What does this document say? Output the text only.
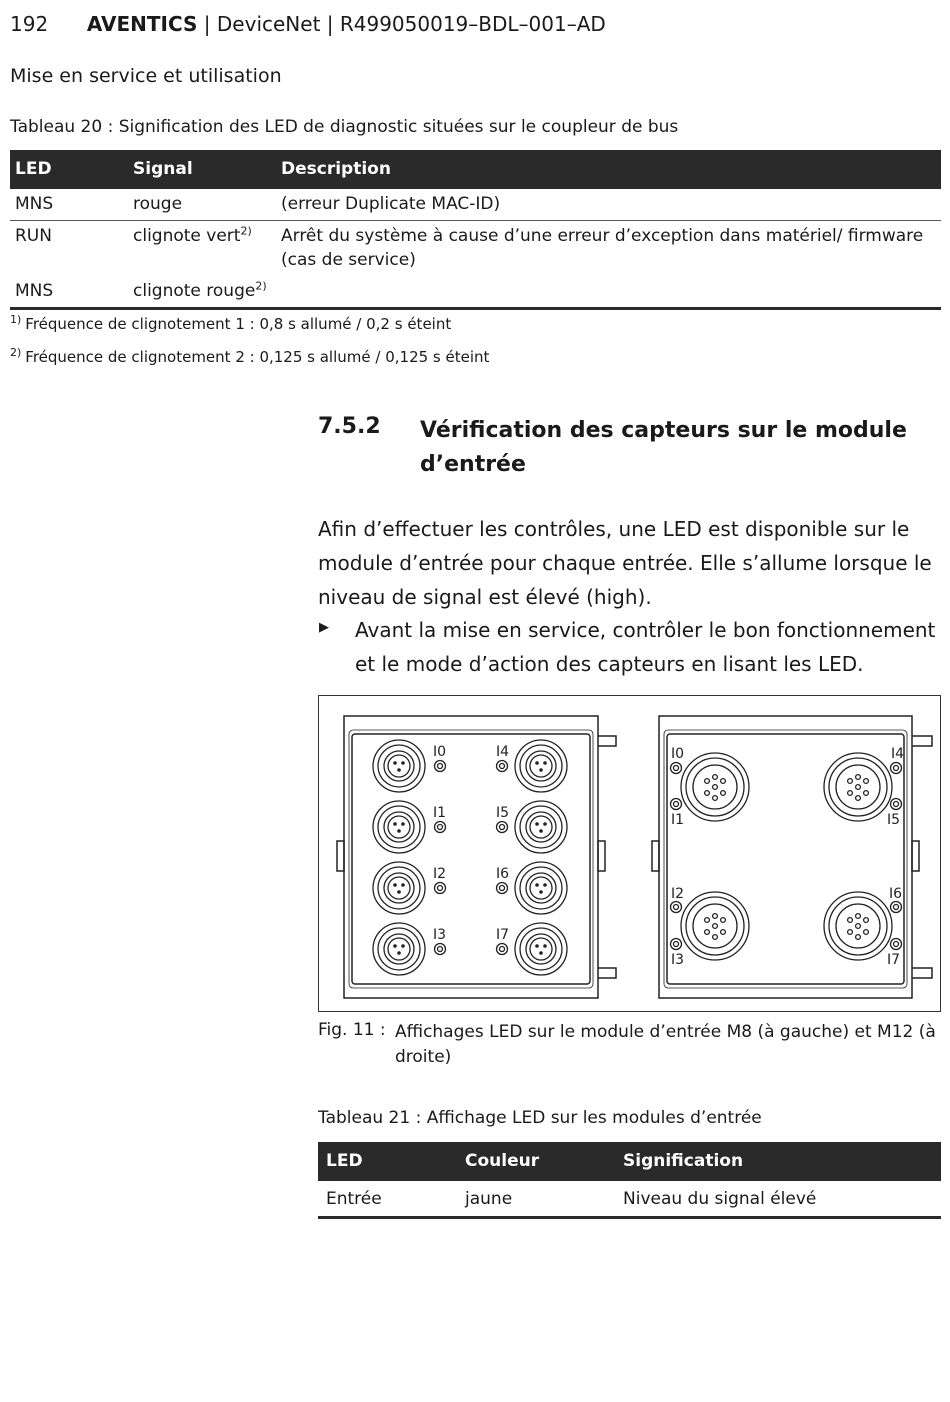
192 AVENTICS | DeviceNet | R499050019–BDL–001–AD
Mise en service et utilisation
Tableau 20 : Signification des LED de diagnostic situées sur le coupleur de bus
LED	Signal	Description
MNS	rouge	(erreur Duplicate MAC-ID)
RUN	clignote vert$^{2)}$	Arrêt du système à cause d’une erreur d’exception dans matériel/ firmware (cas de service)
MNS	clignote rouge$^{2)}$	
$^{1)}$ Fréquence de clignotement 1 : 0,8 s allumé / 0,2 s éteint
$^{2)}$ Fréquence de clignotement 2 : 0,125 s allumé / 0,125 s éteint
7.5.2 Vérification des capteurs sur le module d’entrée
Afin d’effectuer les contrôles, une LED est disponible sur le module d’entrée pour chaque entrée. Elle s’allume lorsque le niveau de signal est élevé (high).
▶ Avant la mise en service, contrôler le bon fonctionnement et le mode d’action des capteurs en lisant les LED.
I0	I4
I1	I5
I2	I6
I3	I7
I0
I1
I4
I5
I2
I3
I6
I7
Fig. 11 : Affichages LED sur le module d’entrée M8 (à gauche) et M12 (à droite)
Tableau 21 : Affichage LED sur les modules d’entrée
LED	Couleur	Signification
Entrée	jaune	Niveau du signal élevé
